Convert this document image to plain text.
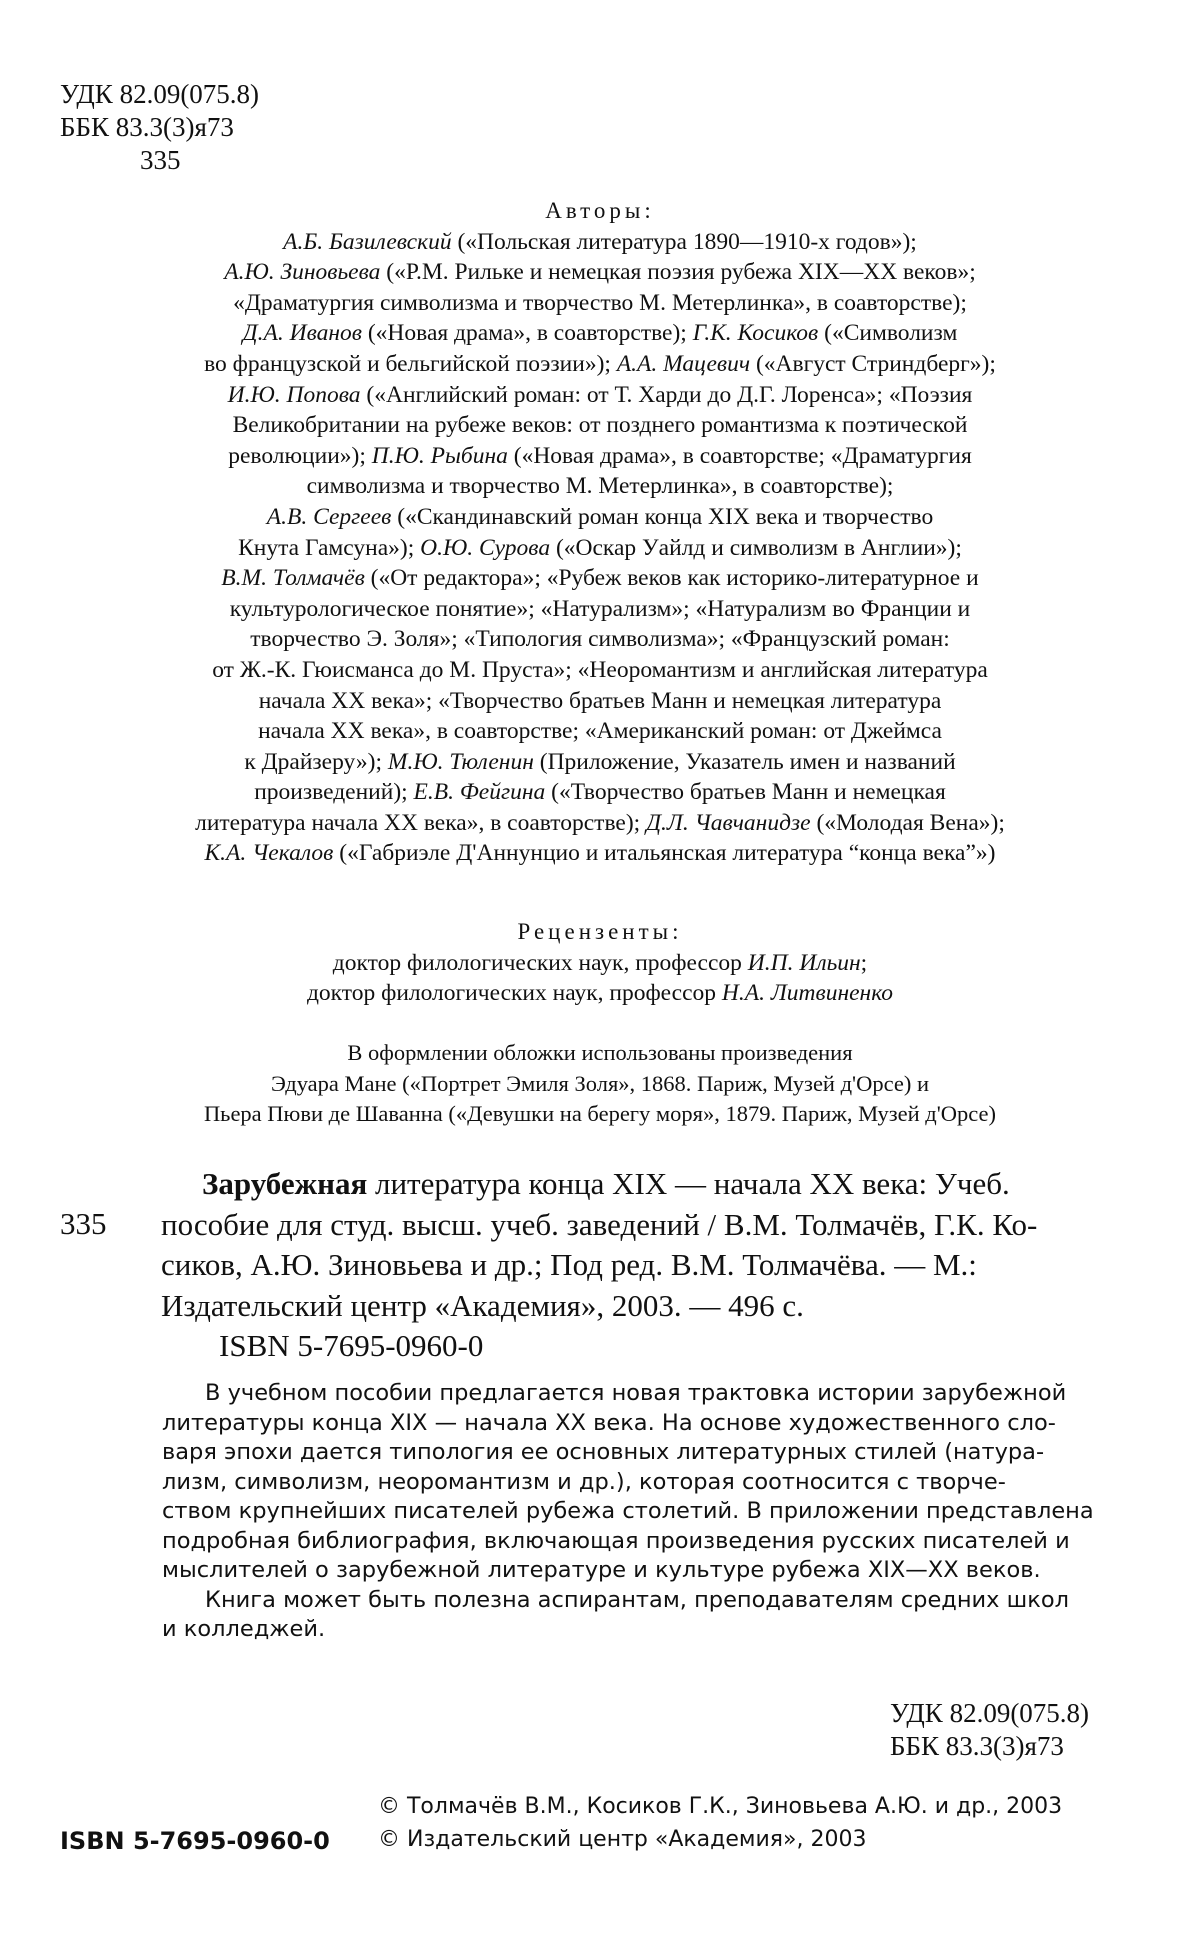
УДК 82.09(075.8)
ББК 83.3(3)я73
335
Авторы:
А.Б. Базилевский («Польская литература 1890—1910-х годов»);
А.Ю. Зиновьева («Р.М. Рильке и немецкая поэзия рубежа XIX—XX веков»;
«Драматургия символизма и творчество М. Метерлинка», в соавторстве);
Д.А. Иванов («Новая драма», в соавторстве); Г.К. Косиков («Символизм
во французской и бельгийской поэзии»); А.А. Мацевич («Август Стриндберг»);
И.Ю. Попова («Английский роман: от Т. Харди до Д.Г. Лоренса»; «Поэзия
Великобритании на рубеже веков: от позднего романтизма к поэтической
революции»); П.Ю. Рыбина («Новая драма», в соавторстве; «Драматургия
символизма и творчество М. Метерлинка», в соавторстве);
А.В. Сергеев («Скандинавский роман конца XIX века и творчество
Кнута Гамсуна»); О.Ю. Сурова («Оскар Уайлд и символизм в Англии»);
В.М. Толмачёв («От редактора»; «Рубеж веков как историко-литературное и
культурологическое понятие»; «Натурализм»; «Натурализм во Франции и
творчество Э. Золя»; «Типология символизма»; «Французский роман:
от Ж.-К. Гюисманса до М. Пруста»; «Неоромантизм и английская литература
начала XX века»; «Творчество братьев Манн и немецкая литература
начала XX века», в соавторстве; «Американский роман: от Джеймса
к Драйзеру»); М.Ю. Тюленин (Приложение, Указатель имен и названий
произведений); Е.В. Фейгина («Творчество братьев Манн и немецкая
литература начала XX века», в соавторстве); Д.Л. Чавчанидзе («Молодая Вена»);
К.А. Чекалов («Габриэле Д'Аннунцио и итальянская литература “конца века”»)
Рецензенты:
доктор филологических наук, профессор И.П. Ильин;
доктор филологических наук, профессор Н.А. Литвиненко
В оформлении обложки использованы произведения
Эдуара Мане («Портрет Эмиля Золя», 1868. Париж, Музей д'Орсе) и
Пьера Пюви де Шаванна («Девушки на берегу моря», 1879. Париж, Музей д'Орсе)
335
Зарубежная литература конца XIX — начала XX века: Учеб.
пособие для студ. высш. учеб. заведений / В.М. Толмачёв, Г.К. Ко-
сиков, А.Ю. Зиновьева и др.; Под ред. В.М. Толмачёва. — М.:
Издательский центр «Академия», 2003. — 496 с.
ISBN 5-7695-0960-0
В учебном пособии предлагается новая трактовка истории зарубежной
литературы конца XIX — начала XX века. На основе художественного сло-
варя эпохи дается типология ее основных литературных стилей (натура-
лизм, символизм, неоромантизм и др.), которая соотносится с творче-
ством крупнейших писателей рубежа столетий. В приложении представлена
подробная библиография, включающая произведения русских писателей и
мыслителей о зарубежной литературе и культуре рубежа XIX—XX веков.
Книга может быть полезна аспирантам, преподавателям средних школ
и колледжей.
УДК 82.09(075.8)
ББК 83.3(3)я73
ISBN 5-7695-0960-0
© Толмачёв В.М., Косиков Г.К., Зиновьева А.Ю. и др., 2003
© Издательский центр «Академия», 2003
